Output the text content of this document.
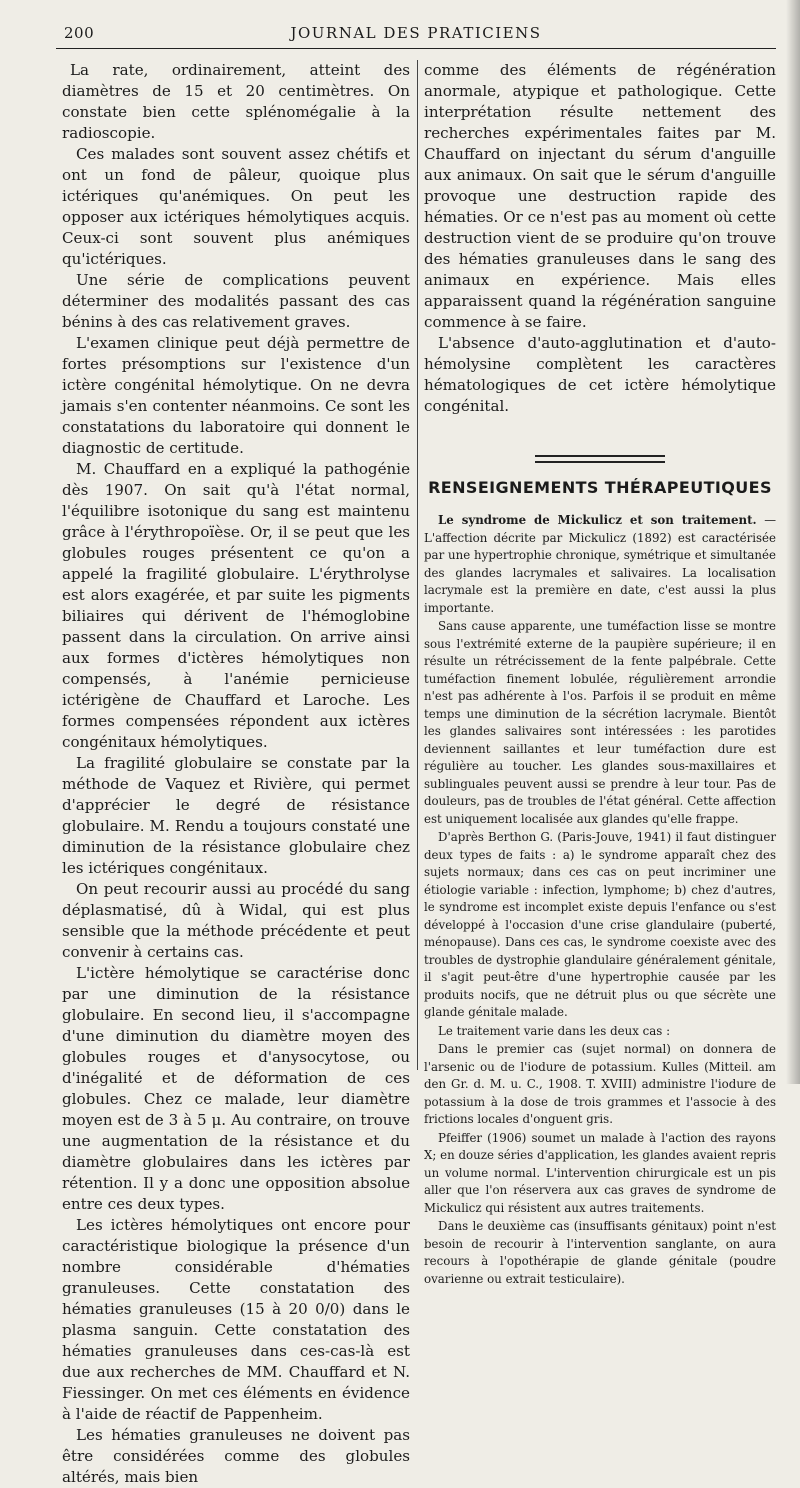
200	JOURNAL DES PRATICIENS

La rate, ordinairement, atteint des diamètres de 15 et 20 centimètres. On constate bien cette splénomégalie à la radioscopie.

Ces malades sont souvent assez chétifs et ont un fond de pâleur, quoique plus ictériques qu'anémiques. On peut les opposer aux ictériques hémolytiques acquis. Ceux-ci sont souvent plus anémiques qu'ictériques.

Une série de complications peuvent déterminer des modalités passant des cas bénins à des cas relativement graves.

L'examen clinique peut déjà permettre de fortes présomptions sur l'existence d'un ictère congénital hémolytique. On ne devra jamais s'en contenter néanmoins. Ce sont les constatations du laboratoire qui donnent le diagnostic de certitude.

M. Chauffard en a expliqué la pathogénie dès 1907. On sait qu'à l'état normal, l'équilibre isotonique du sang est maintenu grâce à l'érythropoïèse. Or, il se peut que les globules rouges présentent ce qu'on a appelé la fragilité globulaire. L'érythrolyse est alors exagérée, et par suite les pigments biliaires qui dérivent de l'hémoglobine passent dans la circulation. On arrive ainsi aux formes d'ictères hémolytiques non compensés, à l'anémie pernicieuse ictérigène de Chauffard et Laroche. Les formes compensées répondent aux ictères congénitaux hémolytiques.

La fragilité globulaire se constate par la méthode de Vaquez et Rivière, qui permet d'apprécier le degré de résistance globulaire. M. Rendu a toujours constaté une diminution de la résistance globulaire chez les ictériques congénitaux.

On peut recourir aussi au procédé du sang déplasmatisé, dû à Widal, qui est plus sensible que la méthode précédente et peut convenir à certains cas.

L'ictère hémolytique se caractérise donc par une diminution de la résistance globulaire. En second lieu, il s'accompagne d'une diminution du diamètre moyen des globules rouges et d'anysocytose, ou d'inégalité et de déformation de ces globules. Chez ce malade, leur diamètre moyen est de 3 à 5 μ. Au contraire, on trouve une augmentation de la résistance et du diamètre globulaires dans les ictères par rétention. Il y a donc une opposition absolue entre ces deux types.

Les ictères hémolytiques ont encore pour caractéristique biologique la présence d'un nombre considérable d'hématies granuleuses. Cette constatation des hématies granuleuses (15 à 20 0/0) dans le plasma sanguin. Cette constatation des hématies granuleuses dans ces-cas-là est due aux recherches de MM. Chauffard et N. Fiessinger. On met ces éléments en évidence à l'aide de réactif de Pappenheim.

Les hématies granuleuses ne doivent pas être considérées comme des globules altérés, mais bien

comme des éléments de régénération anormale, atypique et pathologique. Cette interprétation résulte nettement des recherches expérimentales faites par M. Chauffard on injectant du sérum d'anguille aux animaux. On sait que le sérum d'anguille provoque une destruction rapide des hématies. Or ce n'est pas au moment où cette destruction vient de se produire qu'on trouve des hématies granuleuses dans le sang des animaux en expérience. Mais elles apparaissent quand la régénération sanguine commence à se faire.

L'absence d'auto-agglutination et d'auto-hémolysine complètent les caractères hématologiques de cet ictère hémolytique congénital.

RENSEIGNEMENTS THÉRAPEUTIQUES

Le syndrome de Mickulicz et son traitement. — L'affection décrite par Mickulicz (1892) est caractérisée par une hypertrophie chronique, symétrique et simultanée des glandes lacrymales et salivaires. La localisation lacrymale est la première en date, c'est aussi la plus importante.

Sans cause apparente, une tuméfaction lisse se montre sous l'extrémité externe de la paupière supérieure; il en résulte un rétrécissement de la fente palpébrale. Cette tuméfaction finement lobulée, régulièrement arrondie n'est pas adhérente à l'os. Parfois il se produit en même temps une diminution de la sécrétion lacrymale. Bientôt les glandes salivaires sont intéressées : les parotides deviennent saillantes et leur tuméfaction dure est régulière au toucher. Les glandes sous-maxillaires et sublinguales peuvent aussi se prendre à leur tour. Pas de douleurs, pas de troubles de l'état général. Cette affection est uniquement localisée aux glandes qu'elle frappe.

D'après Berthon G. (Paris-Jouve, 1941) il faut distinguer deux types de faits : a) le syndrome apparaît chez des sujets normaux; dans ces cas on peut incriminer une étiologie variable : infection, lymphome; b) chez d'autres, le syndrome est incomplet existe depuis l'enfance ou s'est développé à l'occasion d'une crise glandulaire (puberté, ménopause). Dans ces cas, le syndrome coexiste avec des troubles de dystrophie glandulaire généralement génitale, il s'agit peut-être d'une hypertrophie causée par les produits nocifs, que ne détruit plus ou que sécrète une glande génitale malade.

Le traitement varie dans les deux cas :

Dans le premier cas (sujet normal) on donnera de l'arsenic ou de l'iodure de potassium. Kulles (Mitteil. am den Gr. d. M. u. C., 1908. T. XVIII) administre l'iodure de potassium à la dose de trois grammes et l'associe à des frictions locales d'onguent gris.

Pfeiffer (1906) soumet un malade à l'action des rayons X; en douze séries d'application, les glandes avaient repris un volume normal. L'intervention chirurgicale est un pis aller que l'on réservera aux cas graves de syndrome de Mickulicz qui résistent aux autres traitements.

Dans le deuxième cas (insuffisants génitaux) point n'est besoin de recourir à l'intervention sanglante, on aura recours à l'opothérapie de glande génitale (poudre ovarienne ou extrait testiculaire).
